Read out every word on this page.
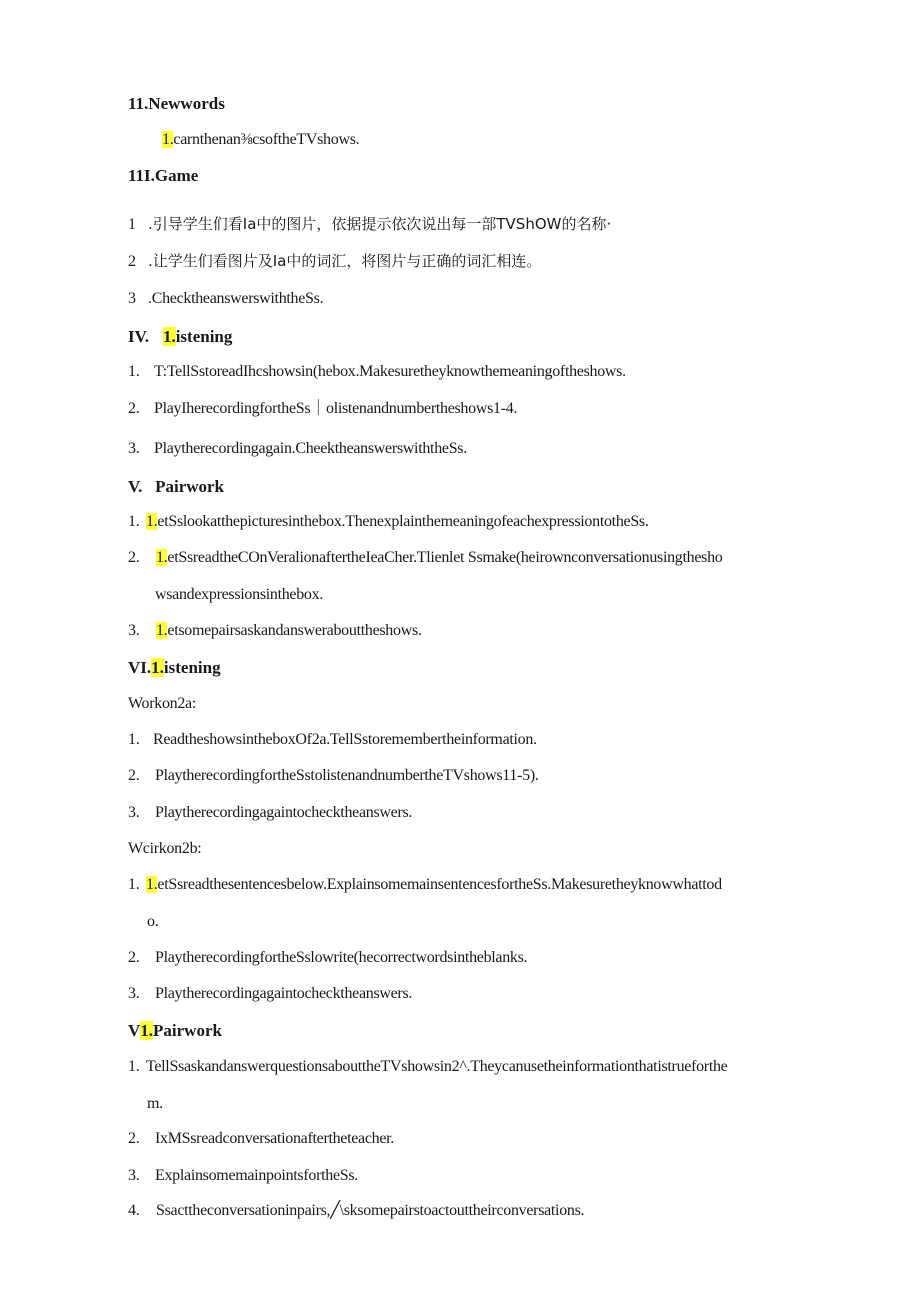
11.Newwords
1.carnthenan⅜csoftheTVshows.
11I.Game
1 .引导学生们看Ia中的图片，依据提示依次说出每一部TVShOW的名称·
2 .让学生们看图片及Ia中的词汇，将图片与正确的词汇相连。
3 .ChecktheanswerswiththeSs.
IV. 1.istening
1. T:TellSstoreadIhcshowsin(hebox.Makesuretheyknowthemeaningoftheshows.
2. PlayIherecordingfortheSs｜olistenandnumbertheshows1-4.
3. Playtherecordingagain.CheektheanswerswiththeSs.
V.   Pairwork
1. 1.etSslookatthepicturesinthebox.ThenexplainthemeaningofeachexpressiontotheSs.
2. 1.etSsreadtheCOnVeralionaftertheIeaCher.Tlienlet Ssmake(heirownconversationusingthesho
wsandexpressionsinthebox.
3. 1.etsomepairsaskandanswerabouttheshows.
VI.1.istening
Workon2a:
1. ReadtheshowsintheboxOf2a.TellSstoremembertheinformation.
2. PlaytherecordingfortheSstolistenandnumbertheTVshows11-5).
3. Playtherecordingagaintochecktheanswers.
Wcirkon2b:
1. 1.etSsreadthesentencesbelow.ExplainsomemainsentencesfortheSs.Makesuretheyknowwhattod
o.
2. PlaytherecordingfortheSslowrite(hecorrectwordsintheblanks.
3. Playtherecordingagaintochecktheanswers.
V1.Pairwork
1. TellSsaskandanswerquestionsabouttheTVshowsin2^.Theycanusetheinformationthatistrueforthe
m.
2. IxMSsreadconversationaftertheteacher.
3. ExplainsomemainpointsfortheSs.
4. Ssacttheconversationinpairs,╱\sksomepairstoactouttheirconversations.
